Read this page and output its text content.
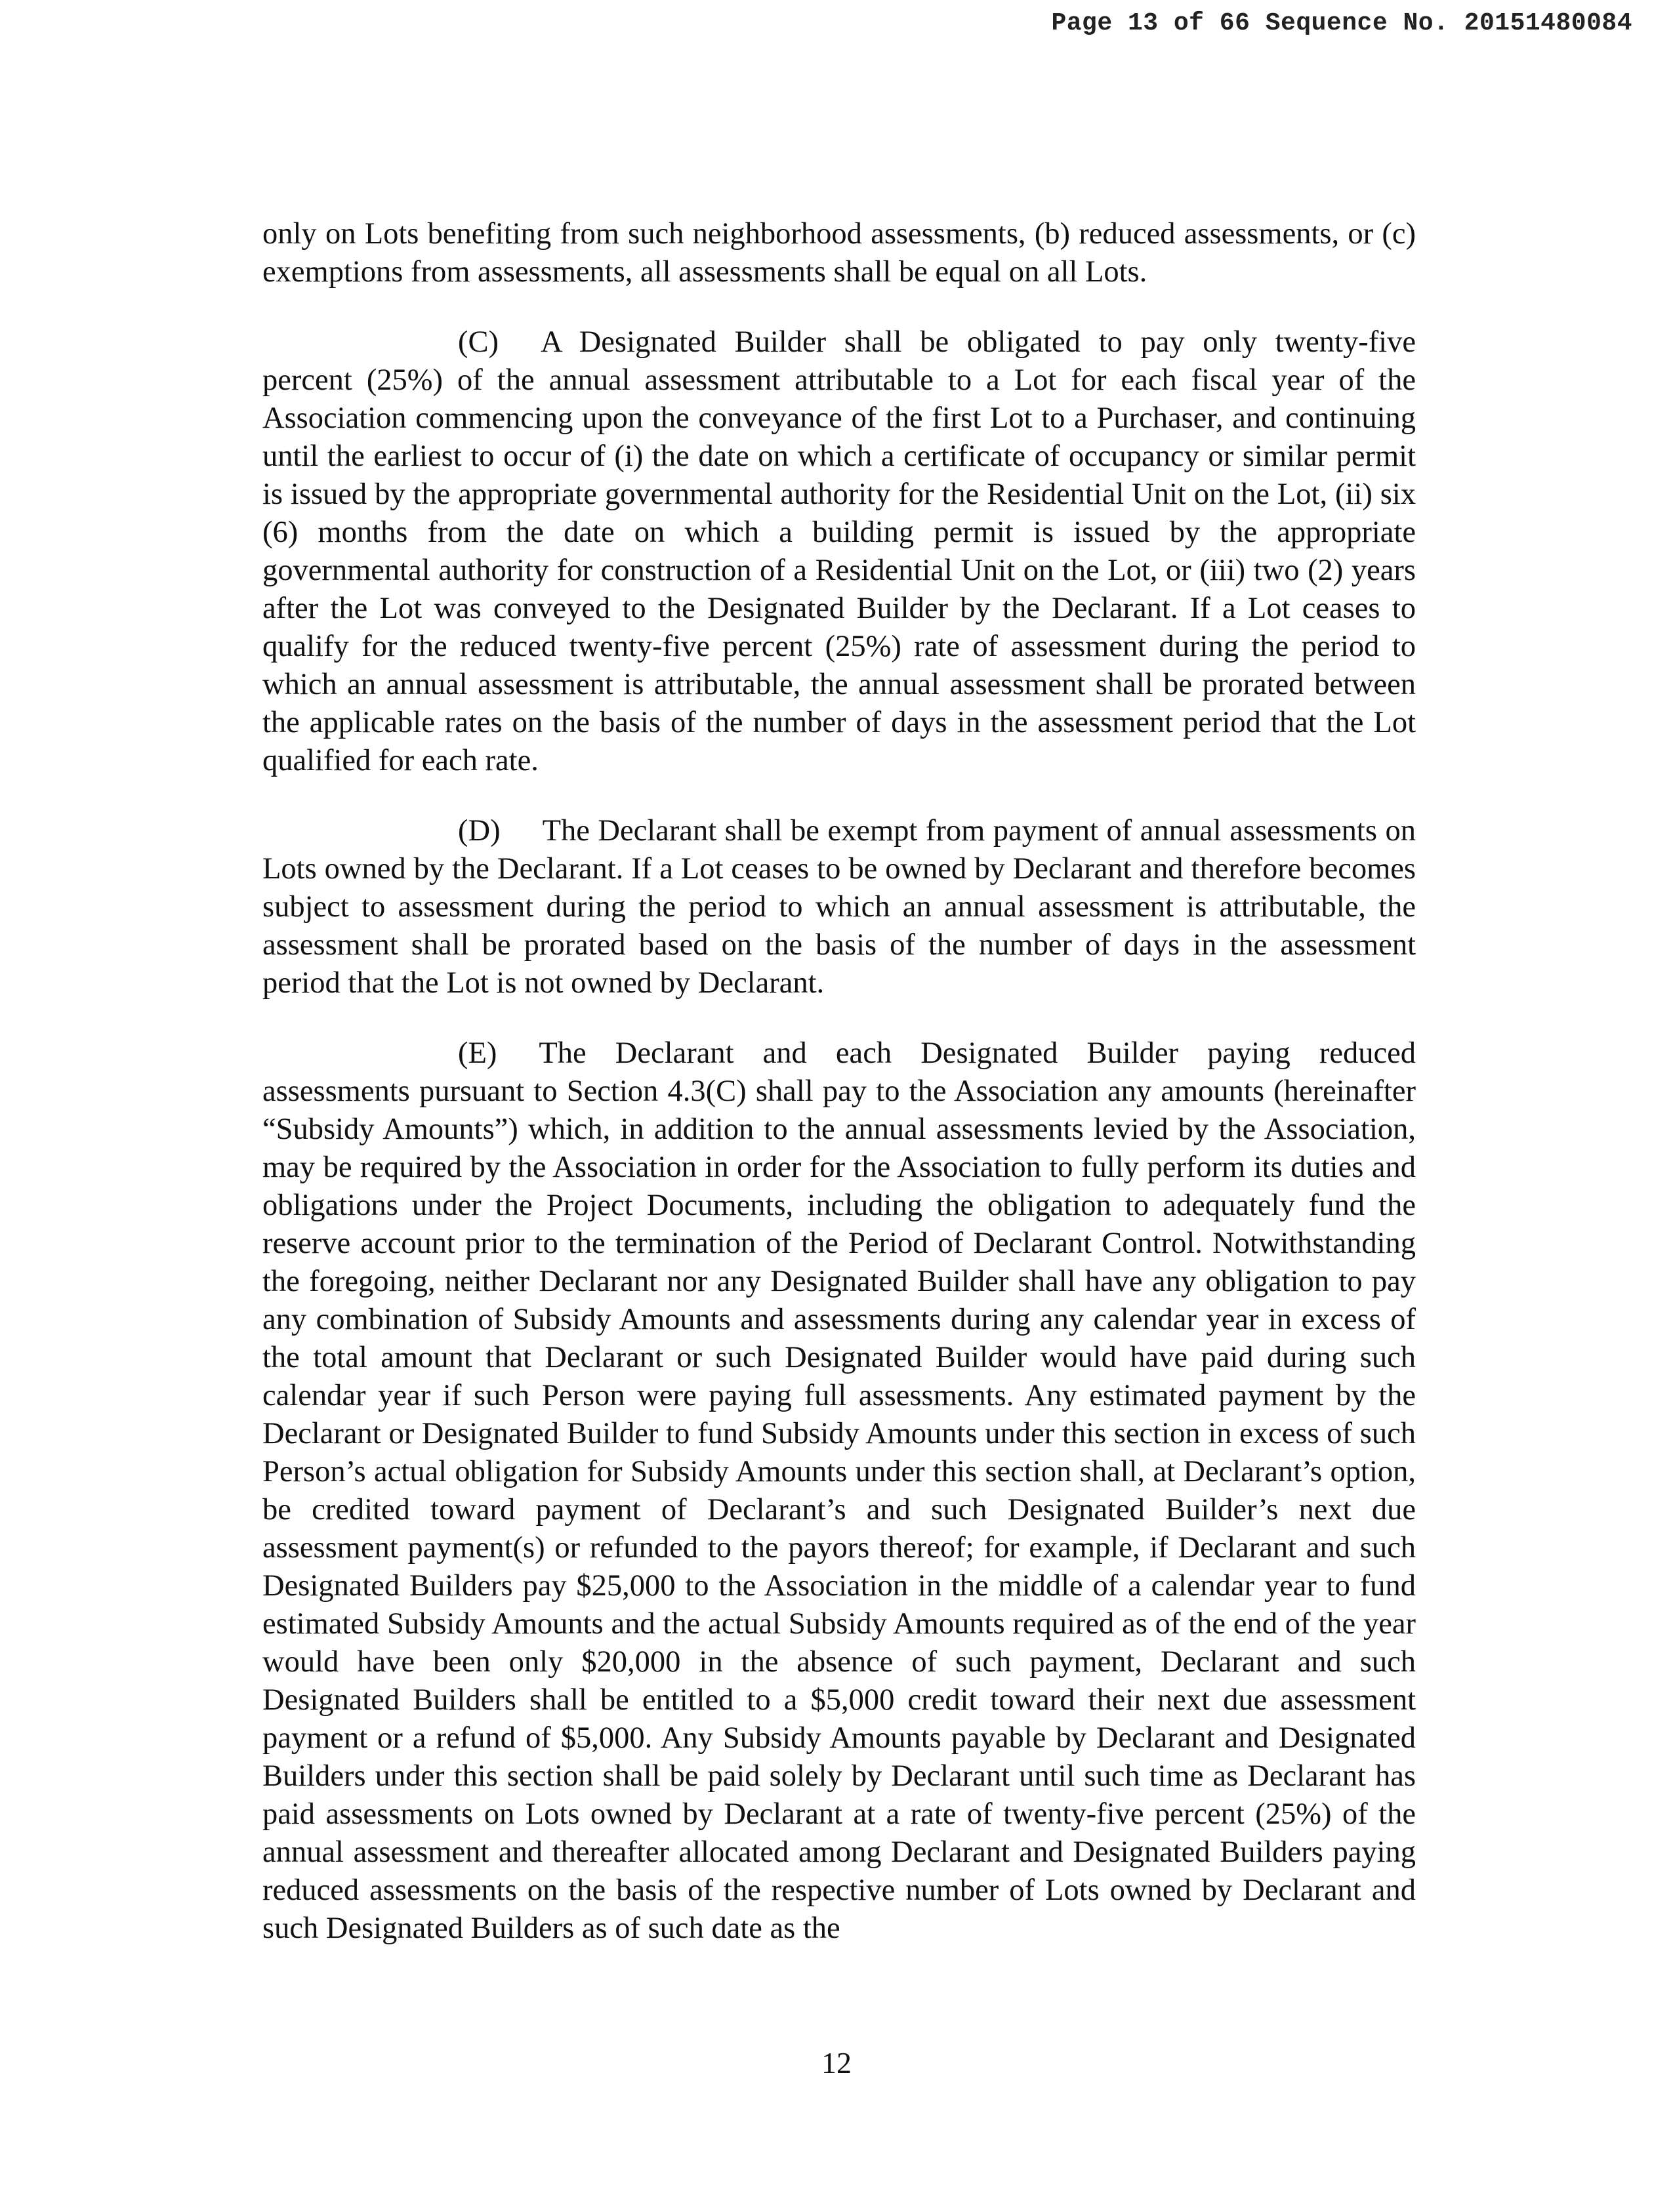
Page 13 of 66 Sequence No. 20151480084

only on Lots benefiting from such neighborhood assessments, (b) reduced assessments, or (c) exemptions from assessments, all assessments shall be equal on all Lots.

(C) A Designated Builder shall be obligated to pay only twenty-five percent (25%) of the annual assessment attributable to a Lot for each fiscal year of the Association commencing upon the conveyance of the first Lot to a Purchaser, and continuing until the earliest to occur of (i) the date on which a certificate of occupancy or similar permit is issued by the appropriate governmental authority for the Residential Unit on the Lot, (ii) six (6) months from the date on which a building permit is issued by the appropriate governmental authority for construction of a Residential Unit on the Lot, or (iii) two (2) years after the Lot was conveyed to the Designated Builder by the Declarant. If a Lot ceases to qualify for the reduced twenty-five percent (25%) rate of assessment during the period to which an annual assessment is attributable, the annual assessment shall be prorated between the applicable rates on the basis of the number of days in the assessment period that the Lot qualified for each rate.

(D) The Declarant shall be exempt from payment of annual assessments on Lots owned by the Declarant. If a Lot ceases to be owned by Declarant and therefore becomes subject to assessment during the period to which an annual assessment is attributable, the assessment shall be prorated based on the basis of the number of days in the assessment period that the Lot is not owned by Declarant.

(E) The Declarant and each Designated Builder paying reduced assessments pursuant to Section 4.3(C) shall pay to the Association any amounts (hereinafter “Subsidy Amounts”) which, in addition to the annual assessments levied by the Association, may be required by the Association in order for the Association to fully perform its duties and obligations under the Project Documents, including the obligation to adequately fund the reserve account prior to the termination of the Period of Declarant Control. Notwithstanding the foregoing, neither Declarant nor any Designated Builder shall have any obligation to pay any combination of Subsidy Amounts and assessments during any calendar year in excess of the total amount that Declarant or such Designated Builder would have paid during such calendar year if such Person were paying full assessments. Any estimated payment by the Declarant or Designated Builder to fund Subsidy Amounts under this section in excess of such Person’s actual obligation for Subsidy Amounts under this section shall, at Declarant’s option, be credited toward payment of Declarant’s and such Designated Builder’s next due assessment payment(s) or refunded to the payors thereof; for example, if Declarant and such Designated Builders pay $25,000 to the Association in the middle of a calendar year to fund estimated Subsidy Amounts and the actual Subsidy Amounts required as of the end of the year would have been only $20,000 in the absence of such payment, Declarant and such Designated Builders shall be entitled to a $5,000 credit toward their next due assessment payment or a refund of $5,000. Any Subsidy Amounts payable by Declarant and Designated Builders under this section shall be paid solely by Declarant until such time as Declarant has paid assessments on Lots owned by Declarant at a rate of twenty-five percent (25%) of the annual assessment and thereafter allocated among Declarant and Designated Builders paying reduced assessments on the basis of the respective number of Lots owned by Declarant and such Designated Builders as of such date as the

12
